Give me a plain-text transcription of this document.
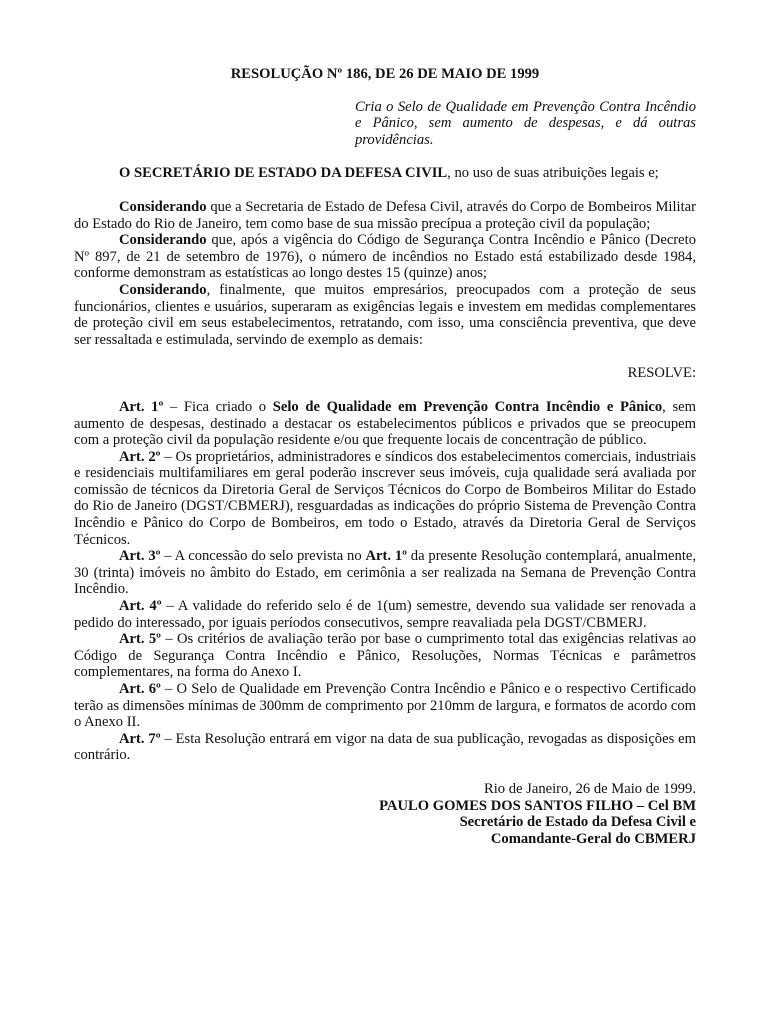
RESOLUÇÃO Nº 186, DE 26 DE MAIO DE 1999

Cria o Selo de Qualidade em Prevenção Contra Incêndio e Pânico, sem aumento de despesas, e dá outras providências.

O SECRETÁRIO DE ESTADO DA DEFESA CIVIL, no uso de suas atribuições legais e;

Considerando que a Secretaria de Estado de Defesa Civil, através do Corpo de Bombeiros Militar do Estado do Rio de Janeiro, tem como base de sua missão precípua a proteção civil da população;

Considerando que, após a vigência do Código de Segurança Contra Incêndio e Pânico (Decreto Nº 897, de 21 de setembro de 1976), o número de incêndios no Estado está estabilizado desde 1984, conforme demonstram as estatísticas ao longo destes 15 (quinze) anos;

Considerando, finalmente, que muitos empresários, preocupados com a proteção de seus funcionários, clientes e usuários, superaram as exigências legais e investem em medidas complementares de proteção civil em seus estabelecimentos, retratando, com isso, uma consciência preventiva, que deve ser ressaltada e estimulada, servindo de exemplo as demais:

RESOLVE:

Art. 1º – Fica criado o Selo de Qualidade em Prevenção Contra Incêndio e Pânico, sem aumento de despesas, destinado a destacar os estabelecimentos públicos e privados que se preocupem com a proteção civil da população residente e/ou que frequente locais de concentração de público.

Art. 2º – Os proprietários, administradores e síndicos dos estabelecimentos comerciais, industriais e residenciais multifamiliares em geral poderão inscrever seus imóveis, cuja qualidade será avaliada por comissão de técnicos da Diretoria Geral de Serviços Técnicos do Corpo de Bombeiros Militar do Estado do Rio de Janeiro (DGST/CBMERJ), resguardadas as indicações do próprio Sistema de Prevenção Contra Incêndio e Pânico do Corpo de Bombeiros, em todo o Estado, através da Diretoria Geral de Serviços Técnicos.

Art. 3º – A concessão do selo prevista no Art. 1º da presente Resolução contemplará, anualmente, 30 (trinta) imóveis no âmbito do Estado, em cerimônia a ser realizada na Semana de Prevenção Contra Incêndio.

Art. 4º – A validade do referido selo é de 1(um) semestre, devendo sua validade ser renovada a pedido do interessado, por iguais períodos consecutivos, sempre reavaliada pela DGST/CBMERJ.

Art. 5º – Os critérios de avaliação terão por base o cumprimento total das exigências relativas ao Código de Segurança Contra Incêndio e Pânico, Resoluções, Normas Técnicas e parâmetros complementares, na forma do Anexo I.

Art. 6º – O Selo de Qualidade em Prevenção Contra Incêndio e Pânico e o respectivo Certificado terão as dimensões mínimas de 300mm de comprimento por 210mm de largura, e formatos de acordo com o Anexo II.

Art. 7º – Esta Resolução entrará em vigor na data de sua publicação, revogadas as disposições em contrário.

Rio de Janeiro, 26 de Maio de 1999.

PAULO GOMES DOS SANTOS FILHO – Cel BM

Secretário de Estado da Defesa Civil e

Comandante-Geral do CBMERJ
